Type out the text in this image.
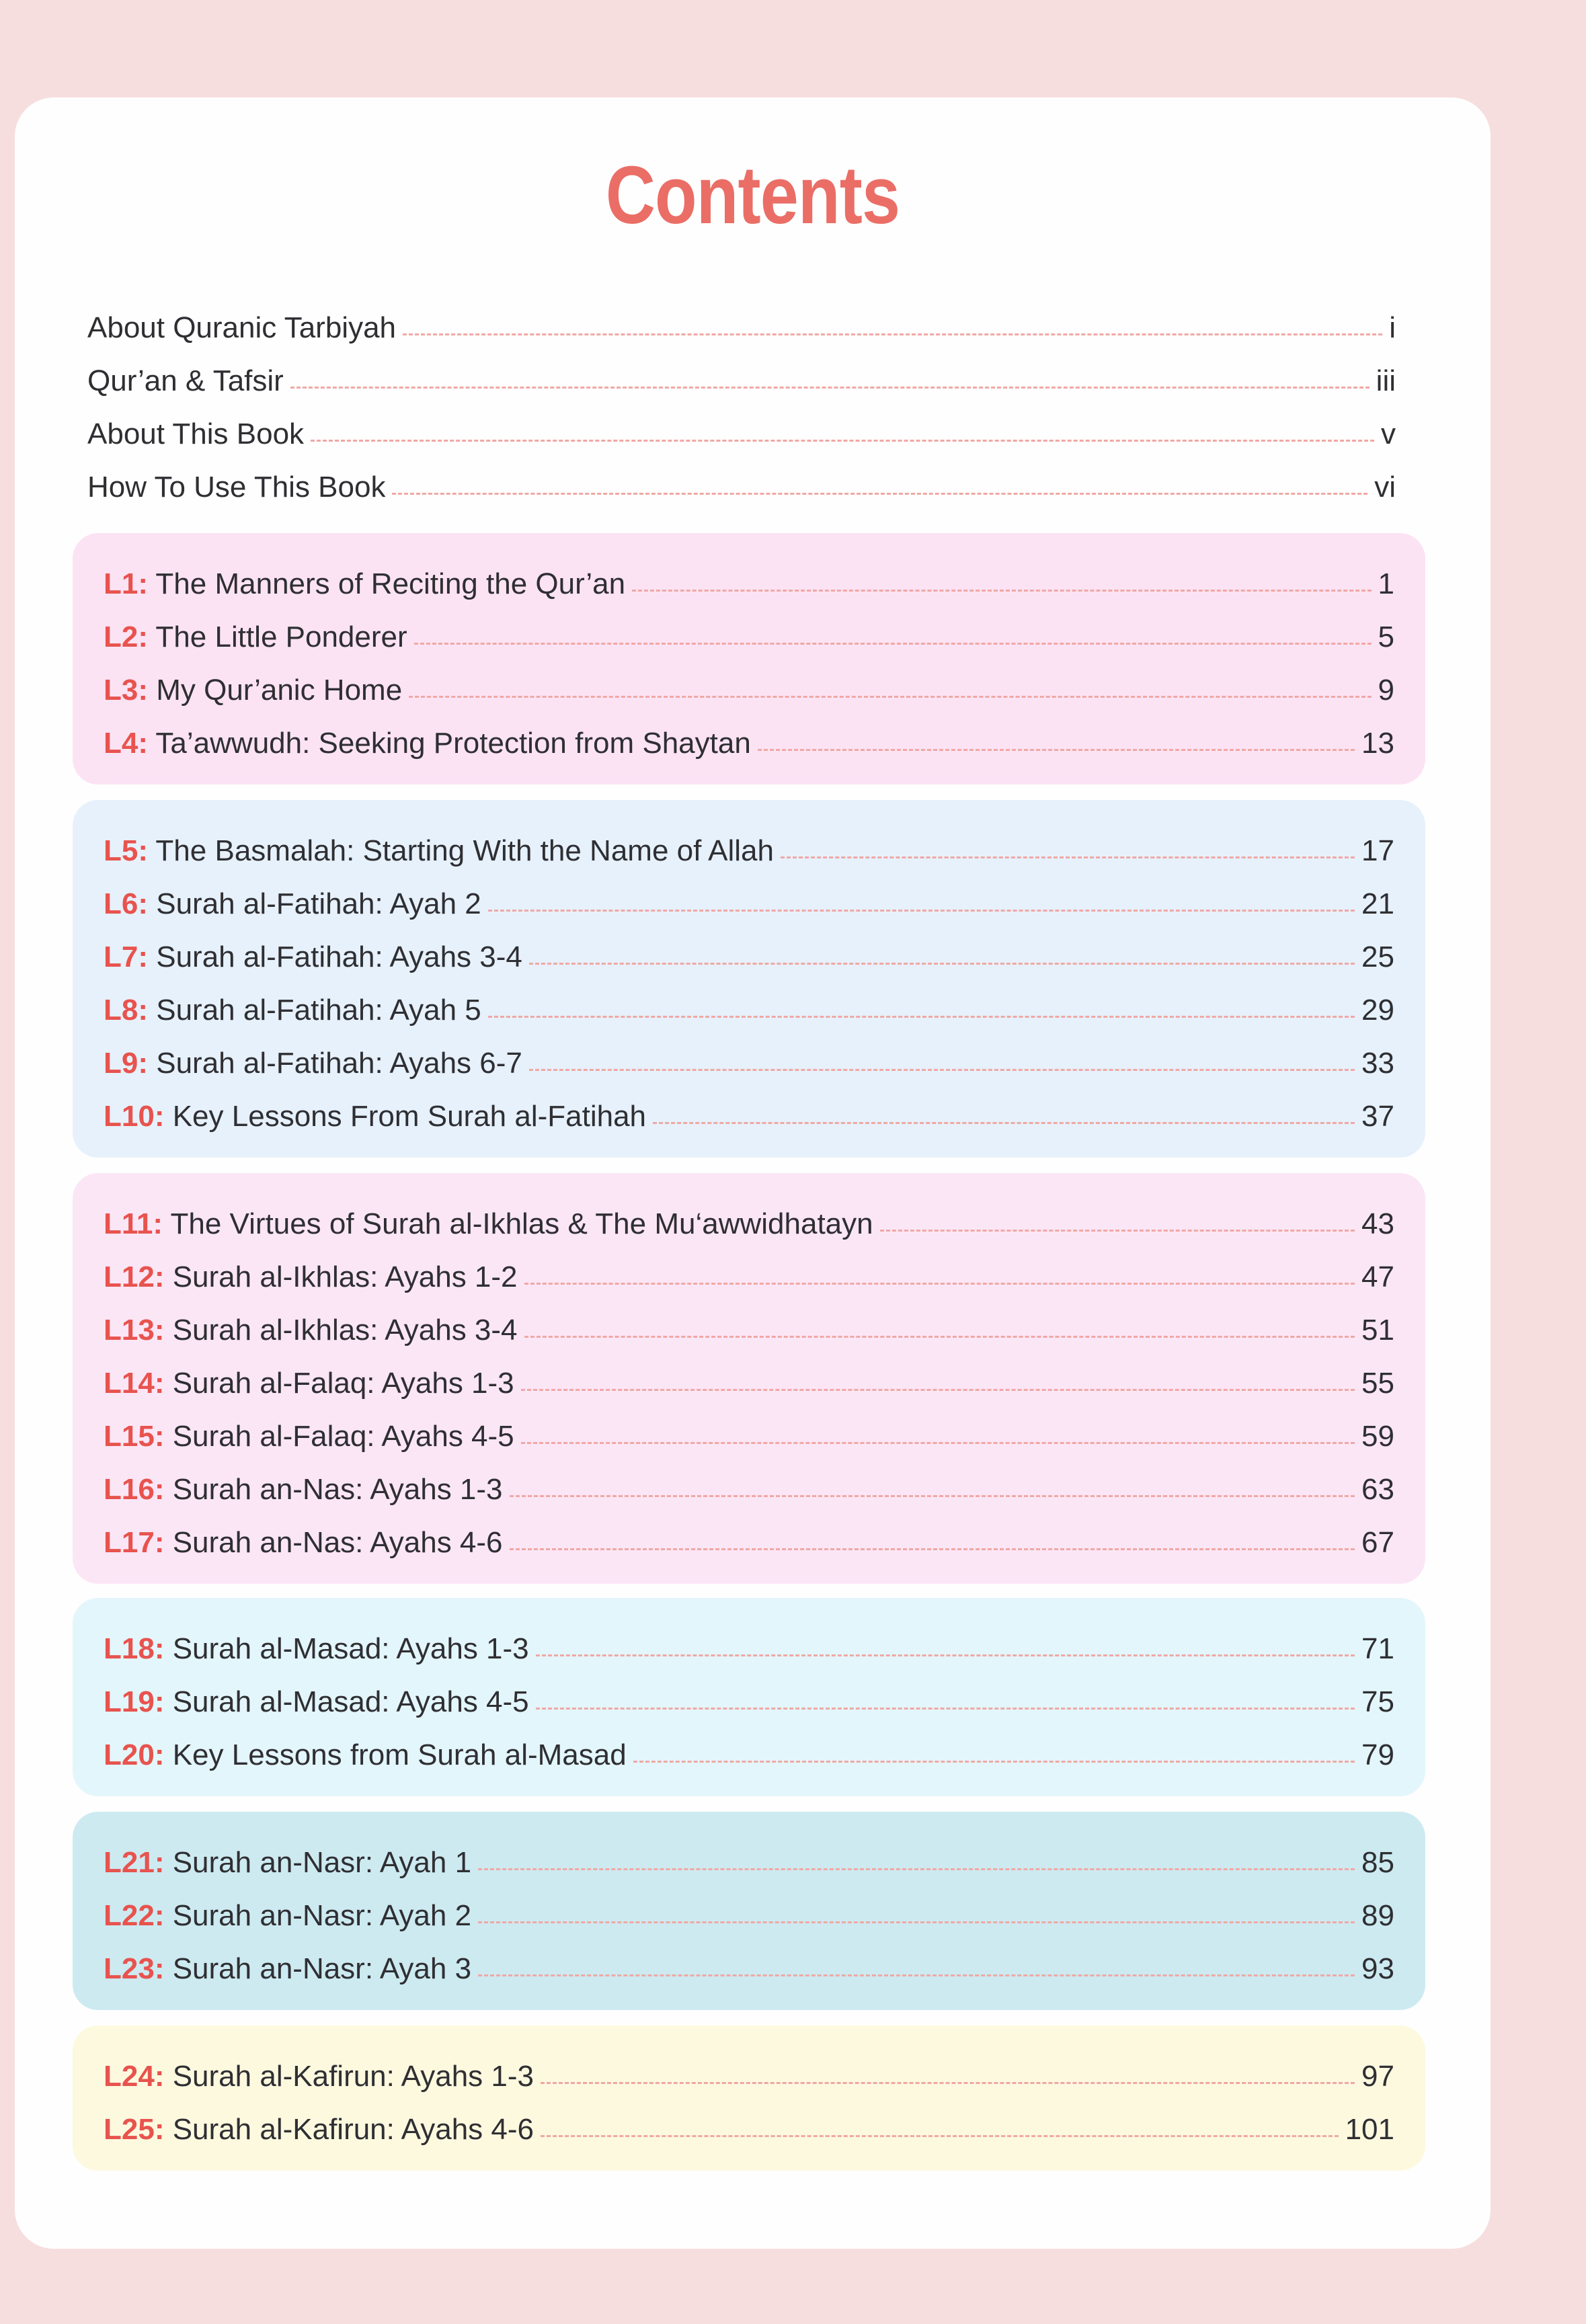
Contents
About Quranic Tarbiyah	i
Qur’an & Tafsir	iii
About This Book	v
How To Use This Book	vi
L1: The Manners of Reciting the Qur’an	1
L2: The Little Ponderer	5
L3: My Qur’anic Home	9
L4: Ta’awwudh: Seeking Protection from Shaytan	13
L5: The Basmalah: Starting With the Name of Allah	17
L6: Surah al-Fatihah: Ayah 2	21
L7: Surah al-Fatihah: Ayahs 3-4	25
L8: Surah al-Fatihah: Ayah 5	29
L9: Surah al-Fatihah: Ayahs 6-7	33
L10: Key Lessons From Surah al-Fatihah	37
L11: The Virtues of Surah al-Ikhlas & The Mu‘awwidhatayn	43
L12: Surah al-Ikhlas: Ayahs 1-2	47
L13: Surah al-Ikhlas: Ayahs 3-4	51
L14: Surah al-Falaq: Ayahs 1-3	55
L15: Surah al-Falaq: Ayahs 4-5	59
L16: Surah an-Nas: Ayahs 1-3	63
L17: Surah an-Nas: Ayahs 4-6	67
L18: Surah al-Masad: Ayahs 1-3	71
L19: Surah al-Masad: Ayahs 4-5	75
L20: Key Lessons from Surah al-Masad	79
L21: Surah an-Nasr: Ayah 1	85
L22: Surah an-Nasr: Ayah 2	89
L23: Surah an-Nasr: Ayah 3	93
L24: Surah al-Kafirun: Ayahs 1-3	97
L25: Surah al-Kafirun: Ayahs 4-6	101
